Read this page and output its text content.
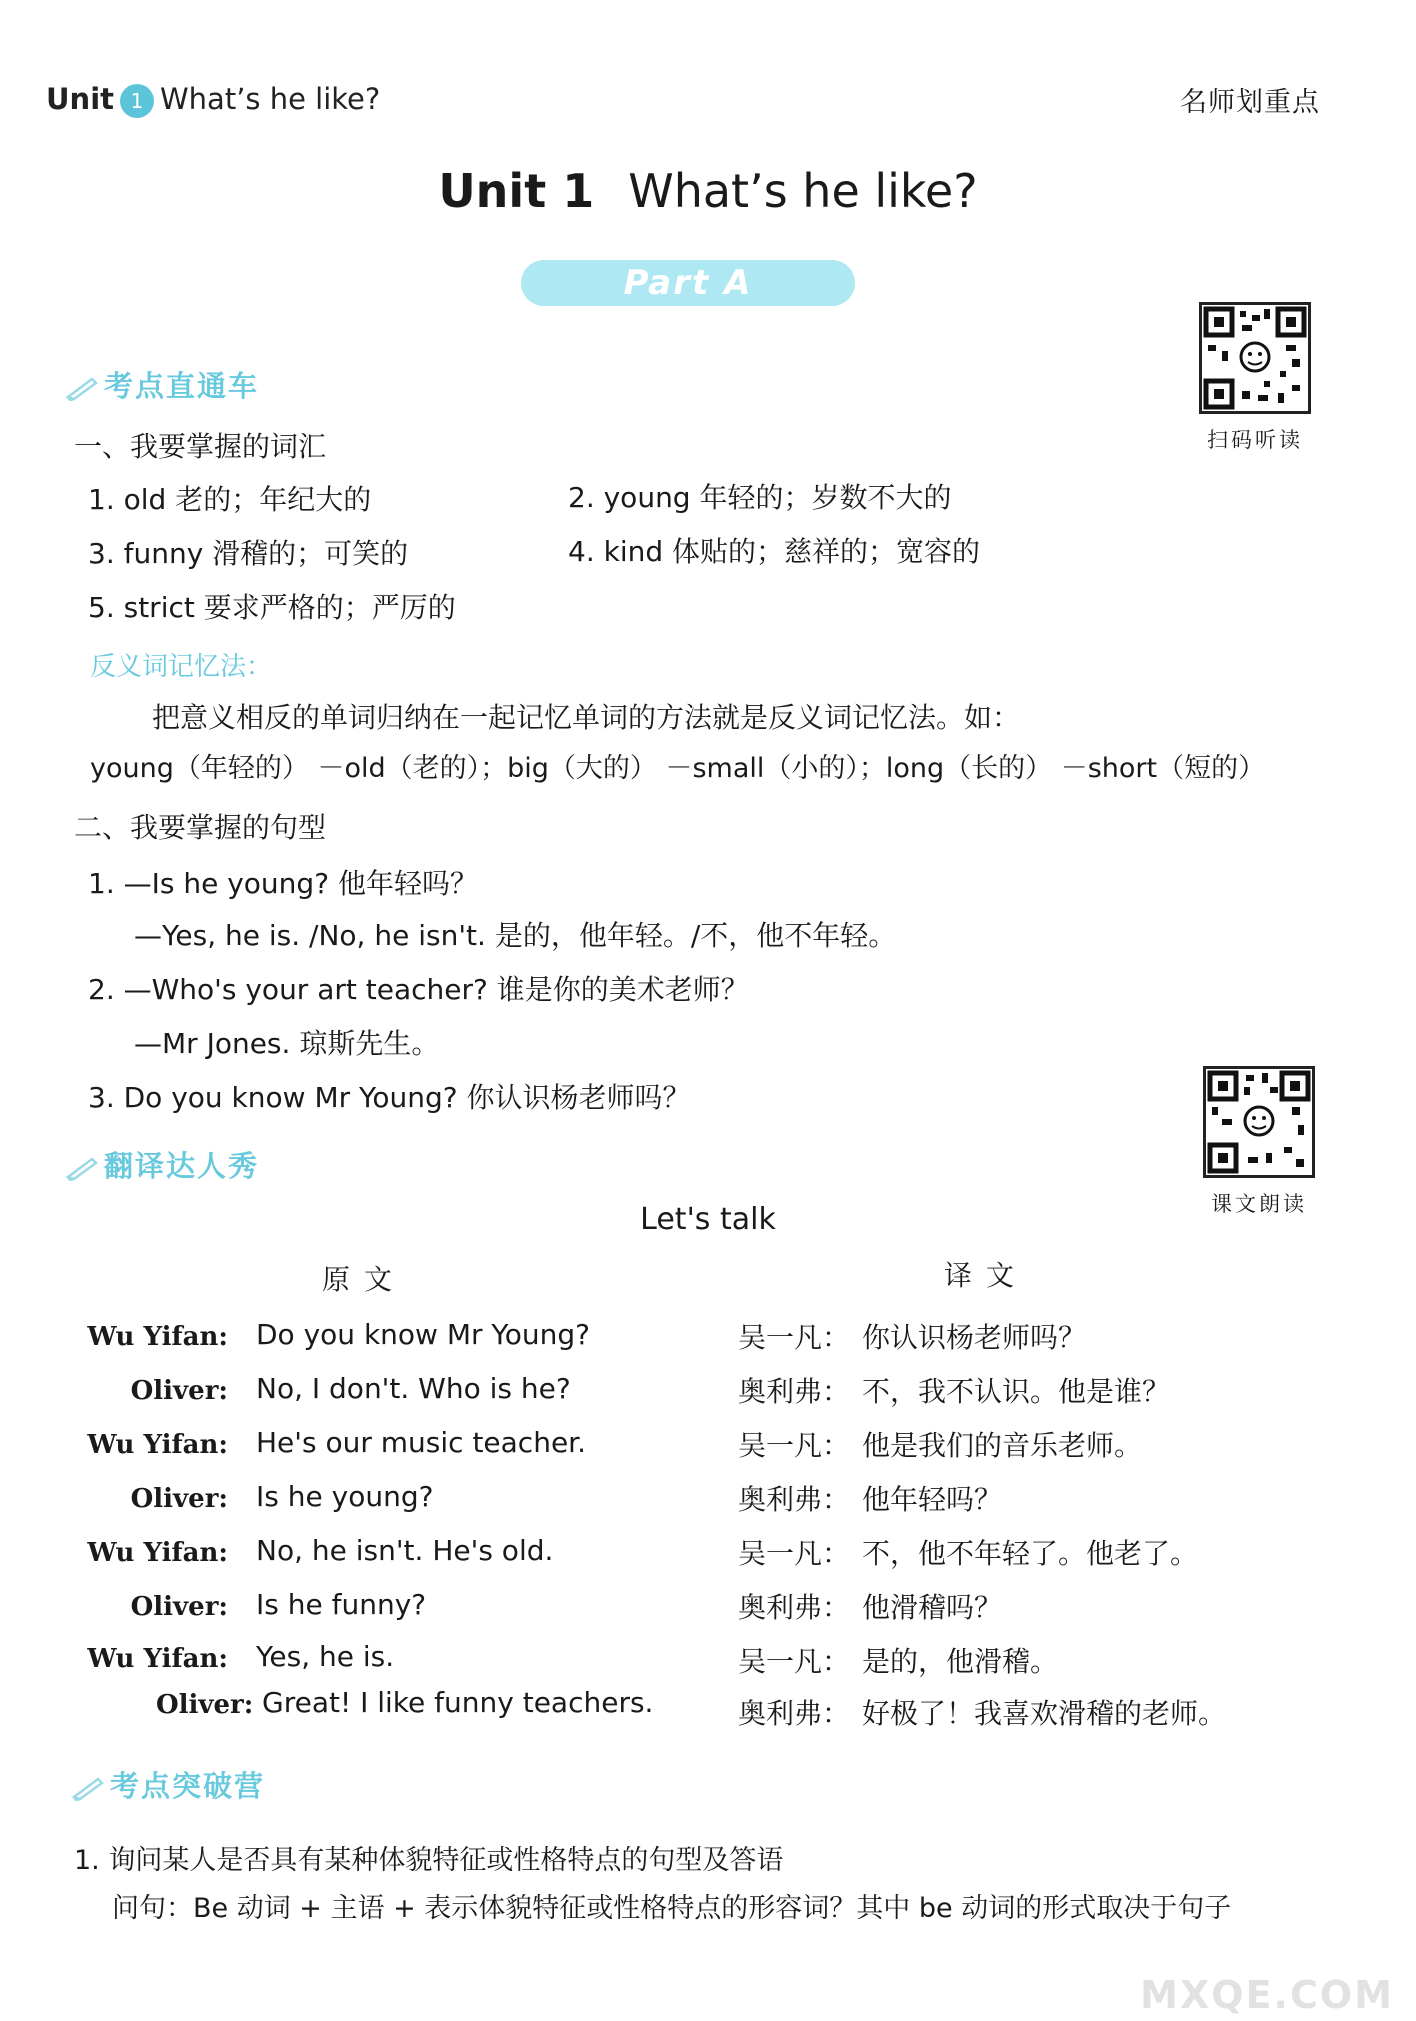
Unit 1 What’s he like?	名师划重点
Unit 1 What’s he like?
Part A
扫码听读
考点直通车
一、我要掌握的词汇
1. old 老的；年纪大的	2. young 年轻的；岁数不大的
3. funny 滑稽的；可笑的	4. kind 体贴的；慈祥的；宽容的
5. strict 要求严格的；严厉的
反义词记忆法：
把意义相反的单词归纳在一起记忆单词的方法就是反义词记忆法。如：
young（年轻的） －old（老的）；big（大的） －small（小的）；long（长的） －short（短的）
二、我要掌握的句型
1. —Is he young? 他年轻吗？
—Yes, he is. /No, he isn't. 是的，他年轻。/不，他不年轻。
2. —Who's your art teacher? 谁是你的美术老师？
—Mr Jones. 琼斯先生。
3. Do you know Mr Young? 你认识杨老师吗？
课文朗读
翻译达人秀
Let's talk
原文	译文
Wu Yifan: Do you know Mr Young?	吴一凡： 你认识杨老师吗？
Oliver: No, I don't. Who is he?	奥利弗： 不，我不认识。他是谁？
Wu Yifan: He's our music teacher.	吴一凡： 他是我们的音乐老师。
Oliver: Is he young?	奥利弗： 他年轻吗？
Wu Yifan: No, he isn't. He's old.	吴一凡： 不，他不年轻了。他老了。
Oliver: Is he funny?	奥利弗： 他滑稽吗？
Wu Yifan: Yes, he is.	吴一凡： 是的，他滑稽。
Oliver: Great! I like funny teachers.	奥利弗： 好极了！我喜欢滑稽的老师。
考点突破营
1. 询问某人是否具有某种体貌特征或性格特点的句型及答语
问句：Be 动词 + 主语 + 表示体貌特征或性格特点的形容词？其中 be 动词的形式取决于句子
MXQE.COM
